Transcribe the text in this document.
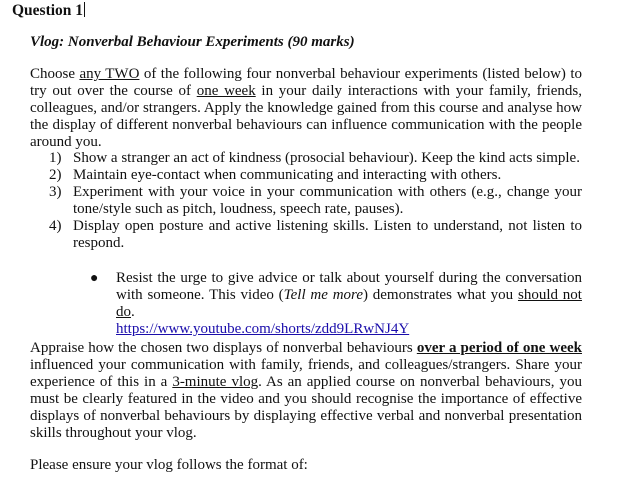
Question 1
Vlog: Nonverbal Behaviour Experiments (90 marks)

Choose any TWO of the following four nonverbal behaviour experiments (listed below) to try out over the course of one week in your daily interactions with your family, friends, colleagues, and/or strangers. Apply the knowledge gained from this course and analyse how the display of different nonverbal behaviours can influence communication with the people around you.

1) Show a stranger an act of kindness (prosocial behaviour). Keep the kind acts simple.
2) Maintain eye-contact when communicating and interacting with others.
3) Experiment with your voice in your communication with others (e.g., change your tone/style such as pitch, loudness, speech rate, pauses).
4) Display open posture and active listening skills. Listen to understand, not listen to respond.
●	Resist the urge to give advice or talk about yourself during the conversation with someone. This video (Tell me more) demonstrates what you should not do.
https://www.youtube.com/shorts/zdd9LRwNJ4Y

Appraise how the chosen two displays of nonverbal behaviours over a period of one week influenced your communication with family, friends, and colleagues/strangers. Share your experience of this in a 3-minute vlog. As an applied course on nonverbal behaviours, you must be clearly featured in the video and you should recognise the importance of effective displays of nonverbal behaviours by displaying effective verbal and nonverbal presentation skills throughout your vlog.

Please ensure your vlog follows the format of:
